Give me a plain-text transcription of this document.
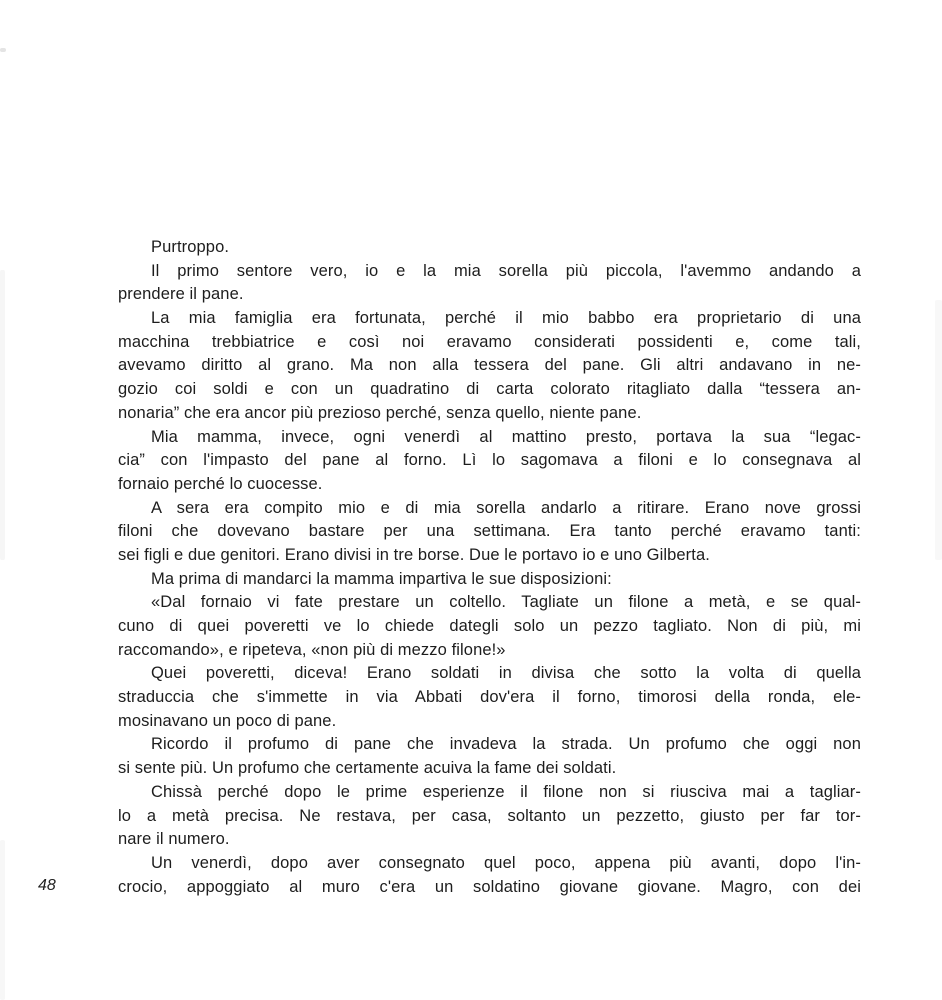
48
Purtroppo.
Il primo sentore vero, io e la mia sorella più piccola, l'avemmo andando a
prendere il pane.
La mia famiglia era fortunata, perché il mio babbo era proprietario di una
macchina trebbiatrice e così noi eravamo considerati possidenti e, come tali,
avevamo diritto al grano. Ma non alla tessera del pane. Gli altri andavano in ne-
gozio coi soldi e con un quadratino di carta colorato ritagliato dalla “tessera an-
nonaria” che era ancor più prezioso perché, senza quello, niente pane.
Mia mamma, invece, ogni venerdì al mattino presto, portava la sua “legac-
cia” con l'impasto del pane al forno. Lì lo sagomava a filoni e lo consegnava al
fornaio perché lo cuocesse.
A sera era compito mio e di mia sorella andarlo a ritirare. Erano nove grossi
filoni che dovevano bastare per una settimana. Era tanto perché eravamo tanti:
sei figli e due genitori. Erano divisi in tre borse. Due le portavo io e uno Gilberta.
Ma prima di mandarci la mamma impartiva le sue disposizioni:
«Dal fornaio vi fate prestare un coltello. Tagliate un filone a metà, e se qual-
cuno di quei poveretti ve lo chiede dategli solo un pezzo tagliato. Non di più, mi
raccomando», e ripeteva, «non più di mezzo filone!»
Quei poveretti, diceva! Erano soldati in divisa che sotto la volta di quella
straduccia che s'immette in via Abbati dov'era il forno, timorosi della ronda, ele-
mosinavano un poco di pane.
Ricordo il profumo di pane che invadeva la strada. Un profumo che oggi non
si sente più. Un profumo che certamente acuiva la fame dei soldati.
Chissà perché dopo le prime esperienze il filone non si riusciva mai a tagliar-
lo a metà precisa. Ne restava, per casa, soltanto un pezzetto, giusto per far tor-
nare il numero.
Un venerdì, dopo aver consegnato quel poco, appena più avanti, dopo l'in-
crocio, appoggiato al muro c'era un soldatino giovane giovane. Magro, con dei
